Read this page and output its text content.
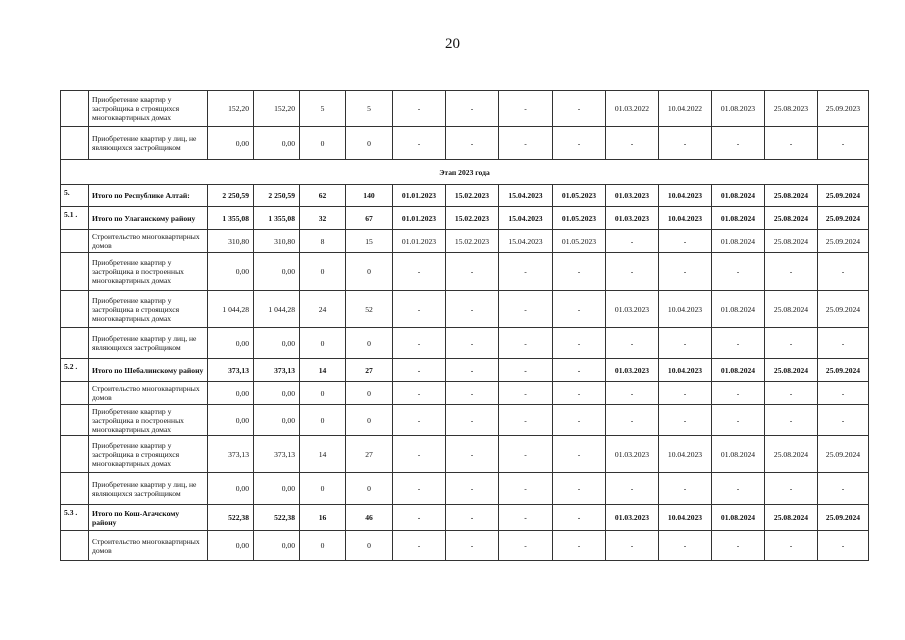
20
	Приобретение квартир у застройщика в строящихся многоквартирных домах	152,20	152,20	5	5	-	-	-	-	01.03.2022	10.04.2022	01.08.2023	25.08.2023	25.09.2023
	Приобретение квартир у лиц, не являющихся застройщиком	0,00	0,00	0	0	-	-	-	-	-	-	-	-	-
Этап 2023 года														
5.	Итого по Республике Алтай:	2 250,59	2 250,59	62	140	01.01.2023	15.02.2023	15.04.2023	01.05.2023	01.03.2023	10.04.2023	01.08.2024	25.08.2024	25.09.2024
5.1 .	Итого по Улаганскому району	1 355,08	1 355,08	32	67	01.01.2023	15.02.2023	15.04.2023	01.05.2023	01.03.2023	10.04.2023	01.08.2024	25.08.2024	25.09.2024
	Строительство многоквартирных домов	310,80	310,80	8	15	01.01.2023	15.02.2023	15.04.2023	01.05.2023	-	-	01.08.2024	25.08.2024	25.09.2024
	Приобретение квартир у застройщика в построенных многоквартирных домах	0,00	0,00	0	0	-	-	-	-	-	-	-	-	-
	Приобретение квартир у застройщика в строящихся многоквартирных домах	1 044,28	1 044,28	24	52	-	-	-	-	01.03.2023	10.04.2023	01.08.2024	25.08.2024	25.09.2024
	Приобретение квартир у лиц, не являющихся застройщиком	0,00	0,00	0	0	-	-	-	-	-	-	-	-	-
5.2 .	Итого по Шебалинскому району	373,13	373,13	14	27	-	-	-	-	01.03.2023	10.04.2023	01.08.2024	25.08.2024	25.09.2024
	Строительство многоквартирных домов	0,00	0,00	0	0	-	-	-	-	-	-	-	-	-
	Приобретение квартир у застройщика в построенных многоквартирных домах	0,00	0,00	0	0	-	-	-	-	-	-	-	-	-
	Приобретение квартир у застройщика в строящихся многоквартирных домах	373,13	373,13	14	27	-	-	-	-	01.03.2023	10.04.2023	01.08.2024	25.08.2024	25.09.2024
	Приобретение квартир у лиц, не являющихся застройщиком	0,00	0,00	0	0	-	-	-	-	-	-	-	-	-
5.3 .	Итого по Кош-Агачскому району	522,38	522,38	16	46	-	-	-	-	01.03.2023	10.04.2023	01.08.2024	25.08.2024	25.09.2024
	Строительство многоквартирных домов	0,00	0,00	0	0	-	-	-	-	-	-	-	-	-
